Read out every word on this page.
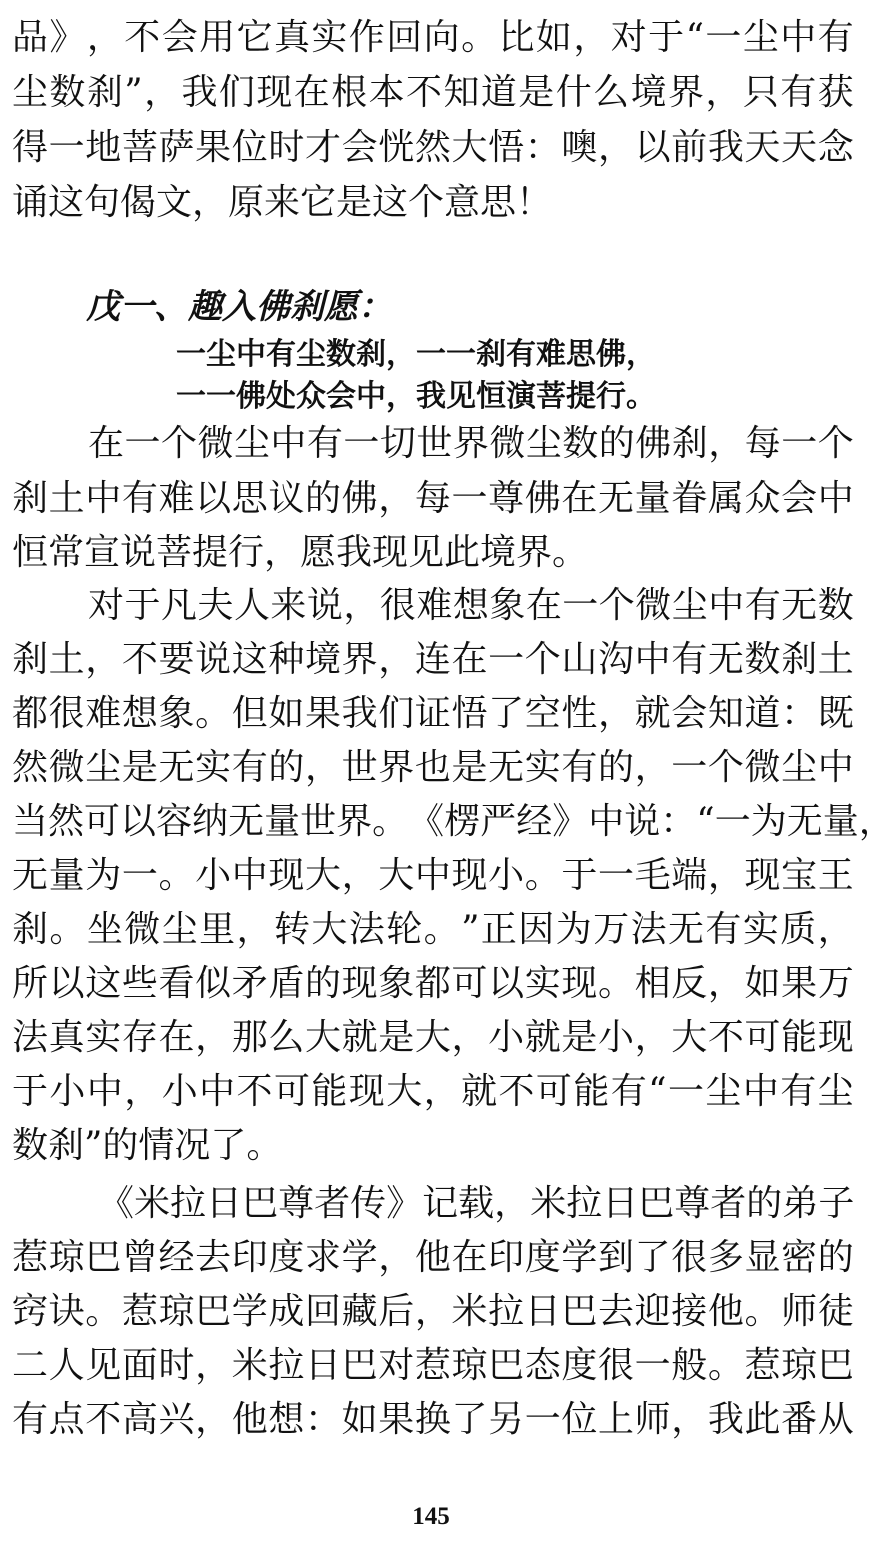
品 》 ， 不 会 用 它 真 实 作 回 向 。 比 如 ， 对 于 “ 一 尘 中 有
尘 数 刹 ” ， 我 们 现 在 根 本 不 知 道 是 什 么 境 界 ， 只 有 获
得 一 地 菩 萨 果 位 时 才 会 恍 然 大 悟 ： 噢 ， 以 前 我 天 天 念
诵这句偈文，原来它是这个意思！
戊一、趣入佛刹愿：
一尘中有尘数刹，一一刹有难思佛，
一一佛处众会中，我见恒演菩提行。
在 一 个 微 尘 中 有 一 切 世 界 微 尘 数 的 佛 刹 ， 每 一 个
刹 土 中 有 难 以 思 议 的 佛 ， 每 一 尊 佛 在 无 量 眷 属 众 会 中
恒常宣说菩提行，愿我现见此境界。
对 于 凡 夫 人 来 说 ， 很 难 想 象 在 一 个 微 尘 中 有 无 数
刹 土 ， 不 要 说 这 种 境 界 ， 连 在 一 个 山 沟 中 有 无 数 刹 土
都 很 难 想 象 。 但 如 果 我 们 证 悟 了 空 性 ， 就 会 知 道 ： 既
然 微 尘 是 无 实 有 的 ， 世 界 也 是 无 实 有 的 ， 一 个 微 尘 中
当 然 可 以 容 纳 无 量 世 界 。 《 楞 严 经 》 中 说 ： “ 一 为 无 量 ，
无 量 为 一 。 小 中 现 大 ， 大 中 现 小 。 于 一 毛 端 ， 现 宝 王
刹 。 坐 微 尘 里 ， 转 大 法 轮 。 ” 正 因 为 万 法 无 有 实 质 ，
所 以 这 些 看 似 矛 盾 的 现 象 都 可 以 实 现 。 相 反 ， 如 果 万
法 真 实 存 在 ， 那 么 大 就 是 大 ， 小 就 是 小 ， 大 不 可 能 现
于 小 中 ， 小 中 不 可 能 现 大 ， 就 不 可 能 有 “ 一 尘 中 有 尘
数刹”的情况了。
《 米 拉 日 巴 尊 者 传 》 记 载 ， 米 拉 日 巴 尊 者 的 弟 子
惹 琼 巴 曾 经 去 印 度 求 学 ， 他 在 印 度 学 到 了 很 多 显 密 的
窍 诀 。 惹 琼 巴 学 成 回 藏 后 ， 米 拉 日 巴 去 迎 接 他 。 师 徒
二 人 见 面 时 ， 米 拉 日 巴 对 惹 琼 巴 态 度 很 一 般 。 惹 琼 巴
有 点 不 高 兴 ， 他 想 ： 如 果 换 了 另 一 位 上 师 ， 我 此 番 从
145
